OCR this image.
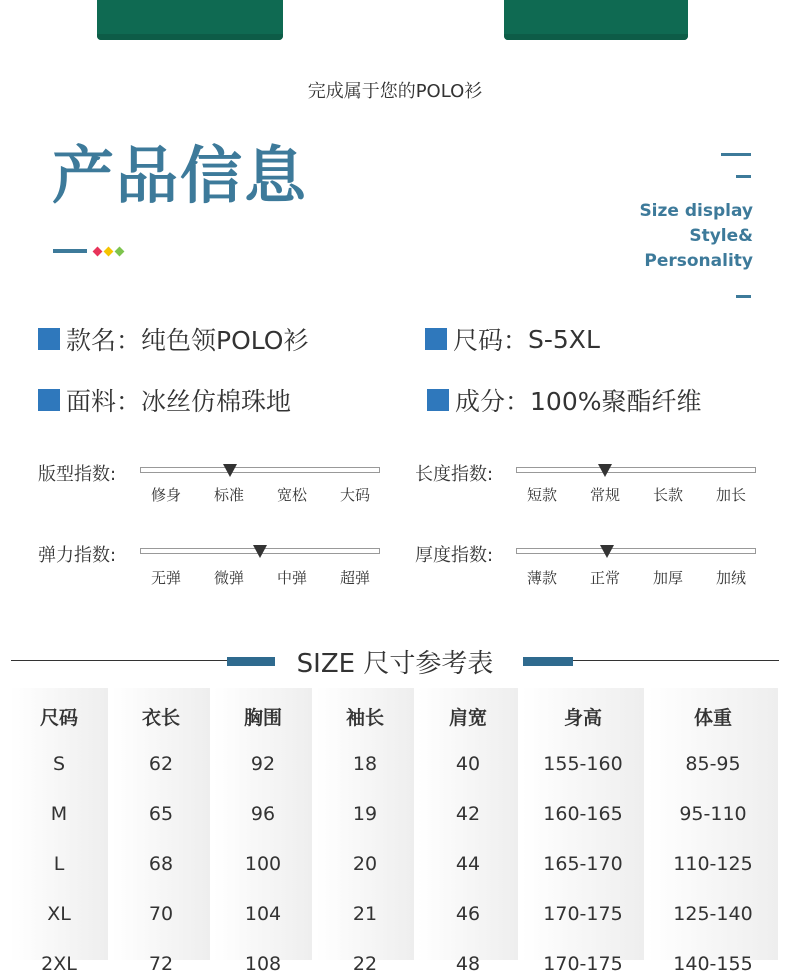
完成属于您的POLO衫
产品信息	Size display
Style&
Personality
款名： 纯色领POLO衫	尺码： S-5XL
面料： 冰丝仿棉珠地	成分： 100%聚酯纤维
版型指数:
修身	标准	宽松	大码
长度指数:
短款	常规	长款	加长
弹力指数:
无弹	微弹	中弹	超弹
厚度指数:
薄款	正常	加厚	加绒
SIZE 尺寸参考表
尺码	衣长	胸围	袖长	肩宽	身高	体重
S	62	92	18	40	155-160	85-95
M	65	96	19	42	160-165	95-110
L	68	100	20	44	165-170	110-125
XL	70	104	21	46	170-175	125-140
2XL	72	108	22	48	170-175	140-155
